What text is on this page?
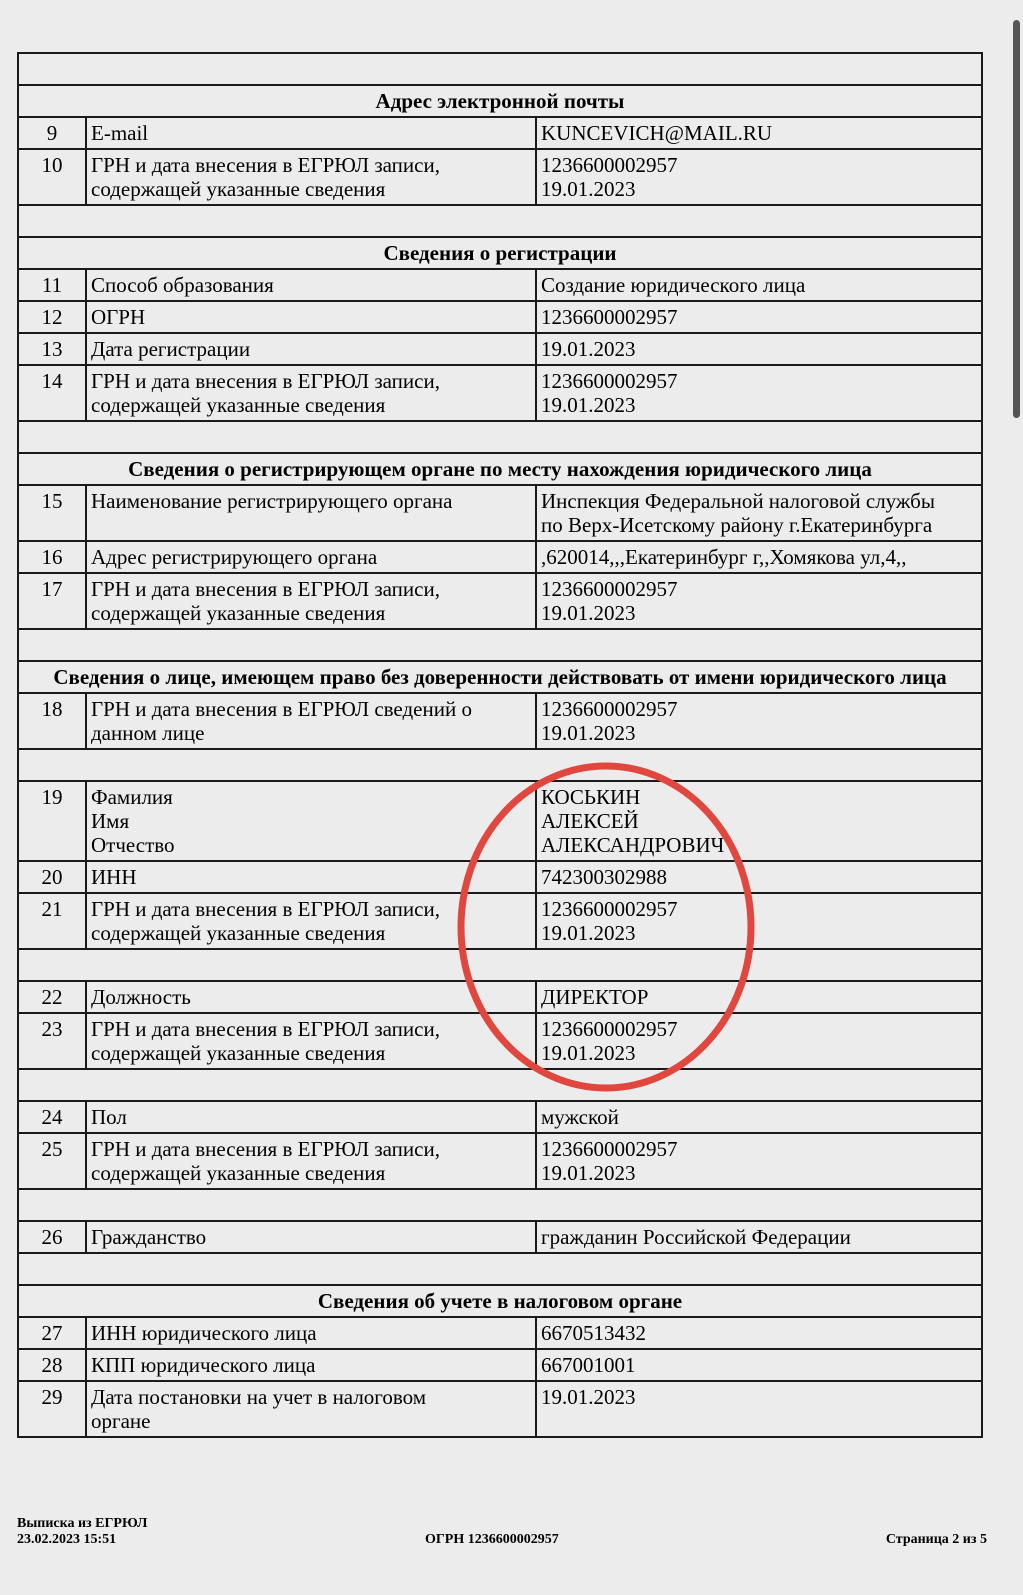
Адрес электронной почты		
9	E-mail	KUNCEVICH@MAIL.RU
10	ГРН и дата внесения в ЕГРЮЛ записи,
содержащей указанные сведения	1236600002957
19.01.2023

Сведения о регистрации		
11	Способ образования	Создание юридического лица
12	ОГРН	1236600002957
13	Дата регистрации	19.01.2023
14	ГРН и дата внесения в ЕГРЮЛ записи,
содержащей указанные сведения	1236600002957
19.01.2023

Сведения о регистрирующем органе по месту нахождения юридического лица		
15	Наименование регистрирующего органа	Инспекция Федеральной налоговой службы
по Верх-Исетскому району г.Екатеринбурга

16	Адрес регистрирующего органа	,620014,,,Екатеринбург г,,Хомякова ул,4,,
17	ГРН и дата внесения в ЕГРЮЛ записи,
содержащей указанные сведения	1236600002957
19.01.2023

Сведения о лице, имеющем право без доверенности действовать от имени юридического лица		
18	ГРН и дата внесения в ЕГРЮЛ сведений о
данном лице	1236600002957
19.01.2023

19	Фамилия
Имя
Отчество	КОСЬКИН
АЛЕКСЕЙ
АЛЕКСАНДРОВИЧ

20	ИНН	742300302988
21	ГРН и дата внесения в ЕГРЮЛ записи,
содержащей указанные сведения	1236600002957
19.01.2023

22	Должность	ДИРЕКТОР
23	ГРН и дата внесения в ЕГРЮЛ записи,
содержащей указанные сведения	1236600002957
19.01.2023

24	Пол	мужской
25	ГРН и дата внесения в ЕГРЮЛ записи,
содержащей указанные сведения	1236600002957
19.01.2023

26	Гражданство	гражданин Российской Федерации

Сведения об учете в налоговом органе		
27	ИНН юридического лица	6670513432
28	КПП юридического лица	667001001
29	Дата постановки на учет в налоговом
органе	19.01.2023
Выписка из ЕГРЮЛ
23.02.2023 15:51	ОГРН 1236600002957	Страница 2 из 5
